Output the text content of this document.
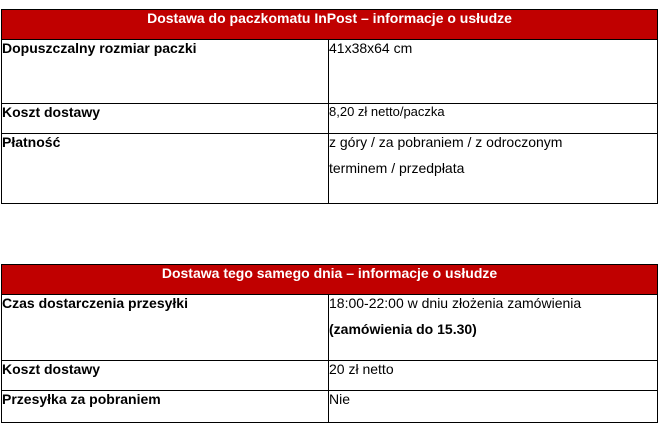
Dostawa do paczkomatu InPost – informacje o usłudze	
Dopuszczalny rozmiar paczki	41x38x64 cm
Koszt dostawy	8,20 zł netto/paczka
Płatność	z góry / za pobraniem / z odroczonym
terminem / przedpłata
Dostawa tego samego dnia – informacje o usłudze	
Czas dostarczenia przesyłki	18:00-22:00 w dniu złożenia zamówienia
(zamówienia do 15.30)

Koszt dostawy	20 zł netto
Przesyłka za pobraniem	Nie
